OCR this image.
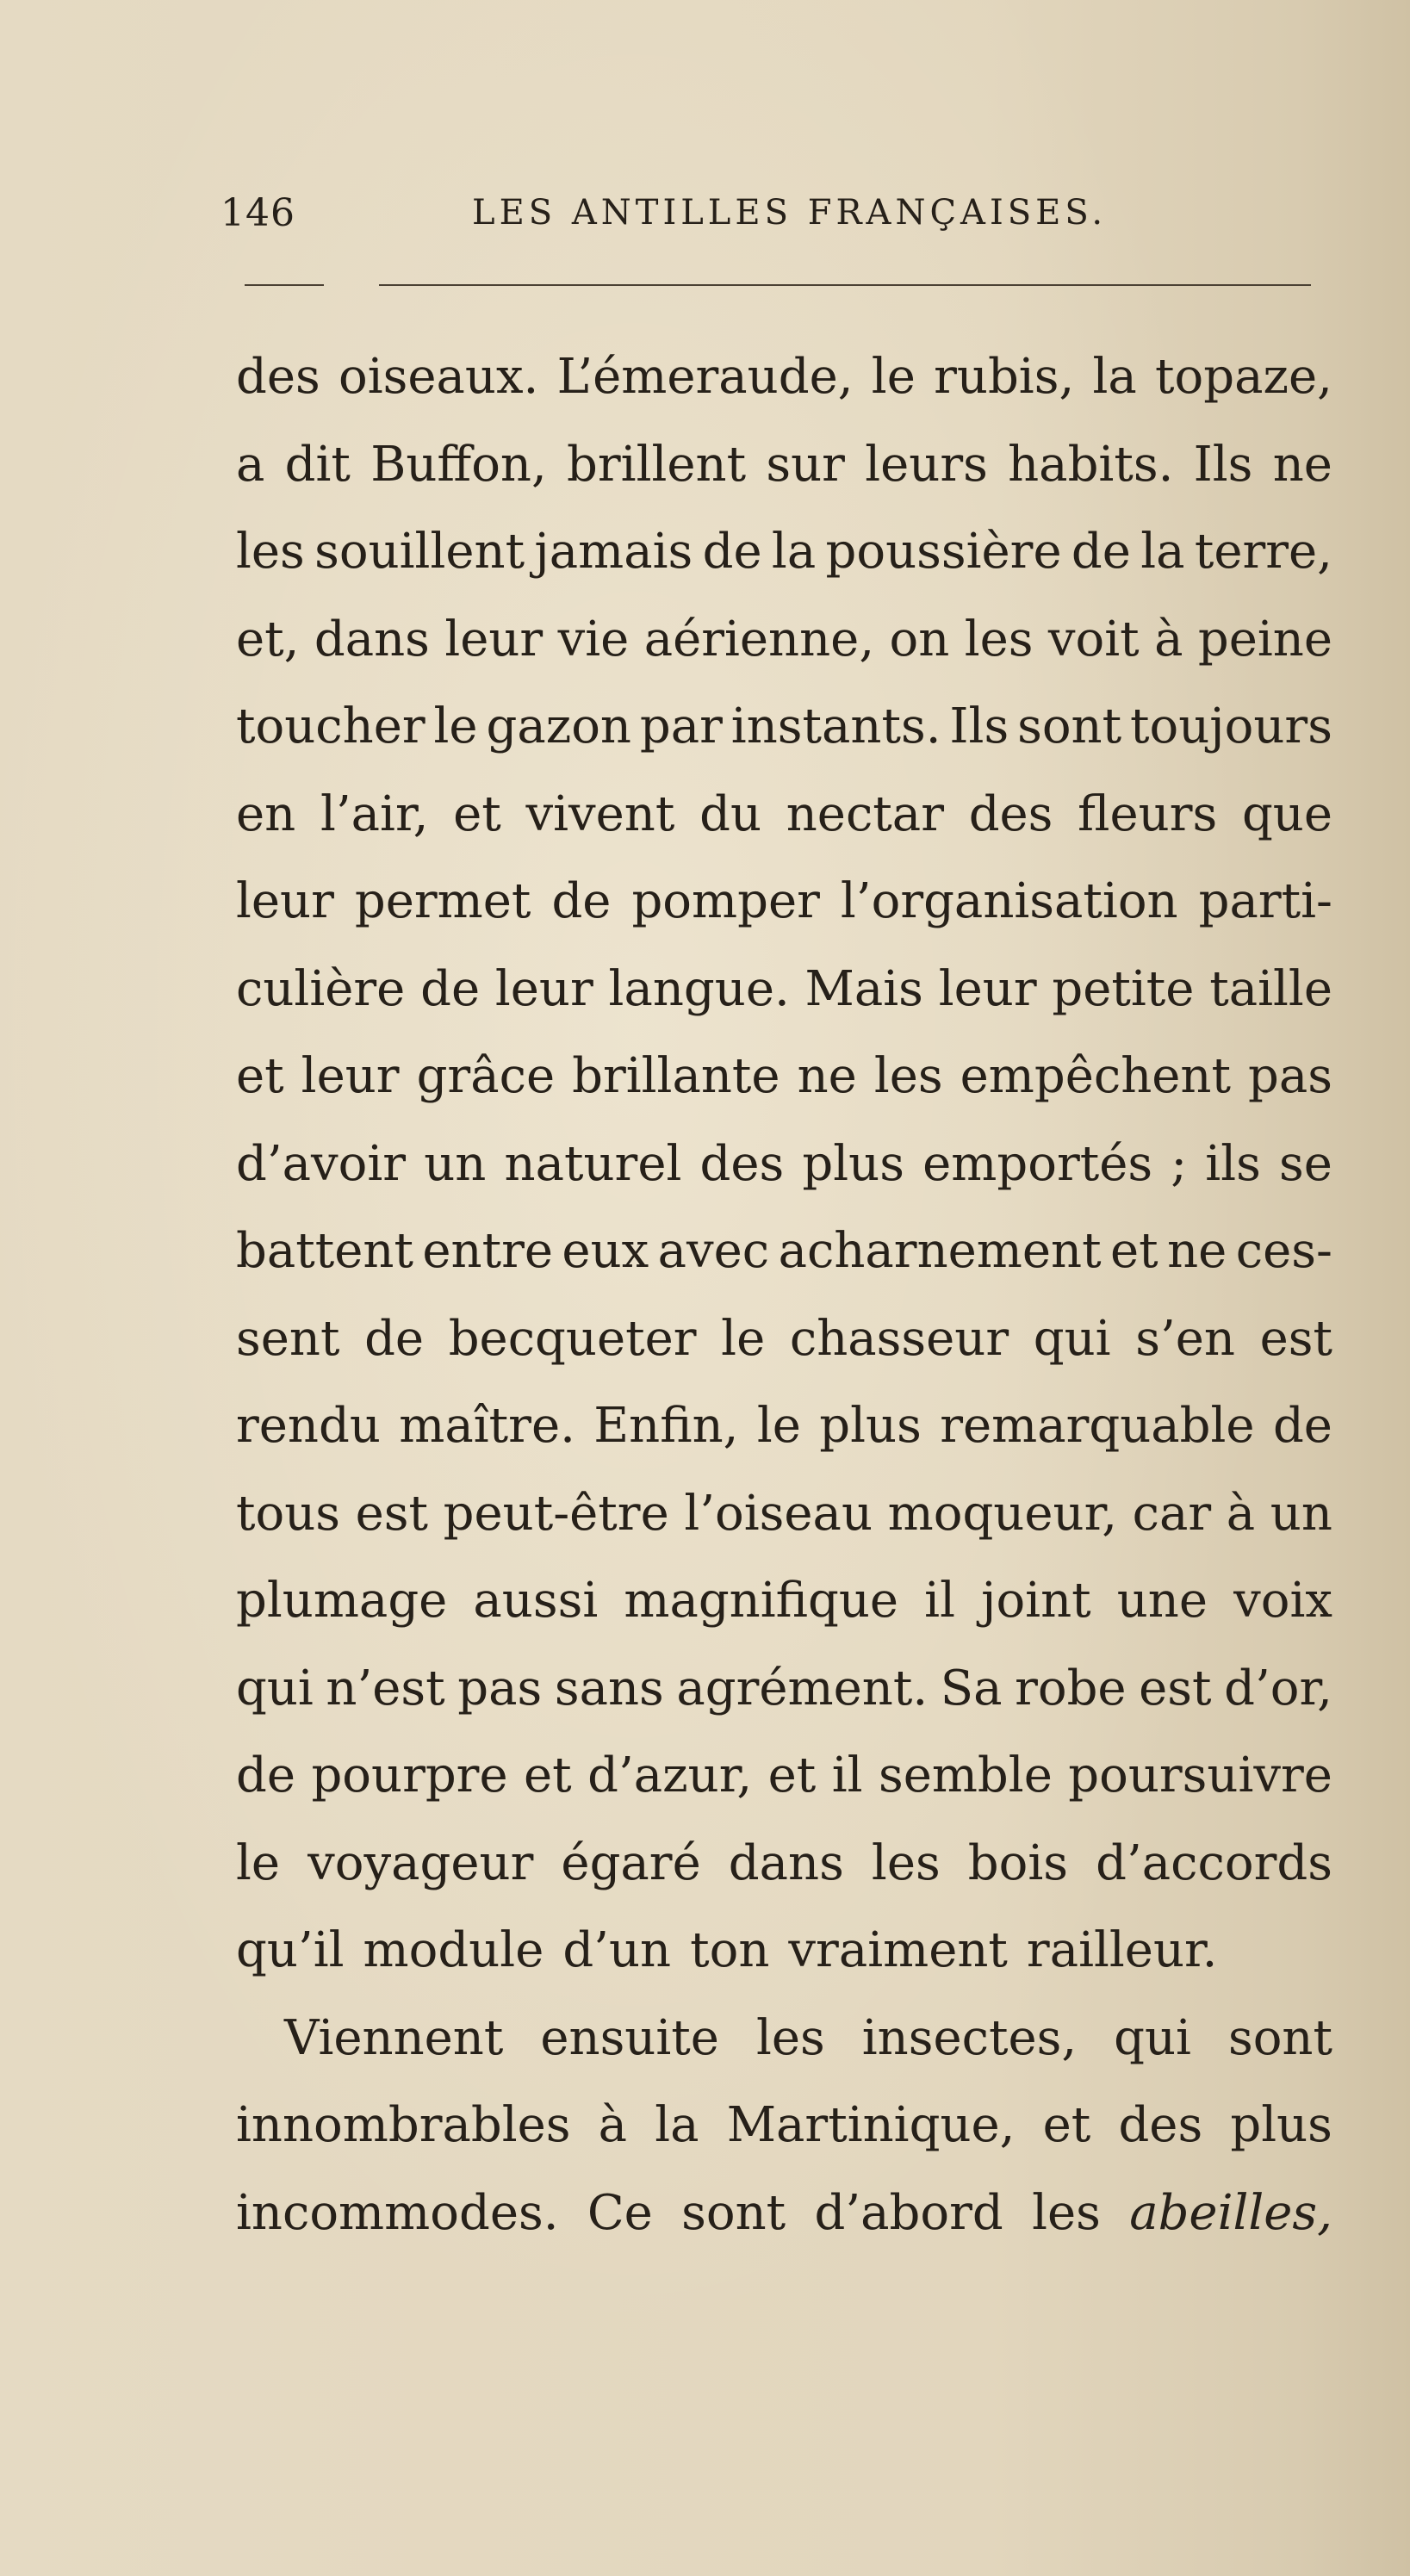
146	LES ANTILLES FRANÇAISES.
des oiseaux. L’émeraude, le rubis, la topaze,
a dit Buffon, brillent sur leurs habits. Ils ne
les souillent jamais de la poussière de la terre,
et, dans leur vie aérienne, on les voit à peine
toucher le gazon par instants. Ils sont toujours
en l’air, et vivent du nectar des fleurs que
leur permet de pomper l’organisation parti-
culière de leur langue. Mais leur petite taille
et leur grâce brillante ne les empêchent pas
d’avoir un naturel des plus emportés ; ils se
battent entre eux avec acharnement et ne ces-
sent de becqueter le chasseur qui s’en est
rendu maître. Enfin, le plus remarquable de
tous est peut-être l’oiseau moqueur, car à un
plumage aussi magnifique il joint une voix
qui n’est pas sans agrément. Sa robe est d’or,
de pourpre et d’azur, et il semble poursuivre
le voyageur égaré dans les bois d’accords
qu’il module d’un ton vraiment railleur.
Viennent ensuite les insectes, qui sont
innombrables à la Martinique, et des plus
incommodes. Ce sont d’abord les abeilles,
